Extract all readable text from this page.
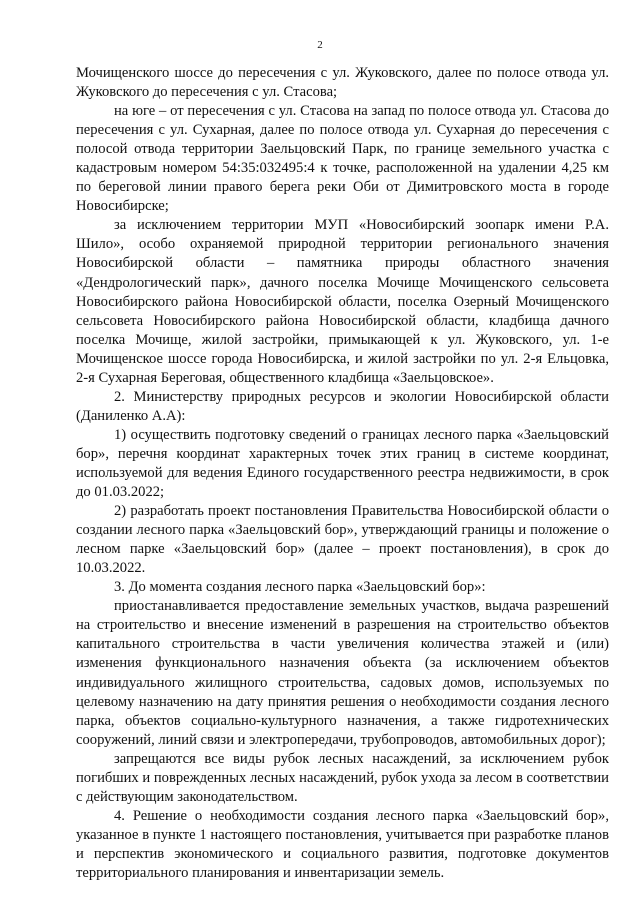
2

Мочищенского шоссе до пересечения с ул. Жуковского, далее по полосе отвода ул. Жуковского до пересечения с ул. Стасова;

на юге – от пересечения с ул. Стасова на запад по полосе отвода ул. Стасова до пересечения с ул. Сухарная, далее по полосе отвода ул. Сухарная до пересечения с полосой отвода территории Заельцовский Парк, по границе земельного участка с кадастровым номером 54:35:032495:4 к точке, расположенной на удалении 4,25 км по береговой линии правого берега реки Оби от Димитровского моста в городе Новосибирске;

за исключением территории МУП «Новосибирский зоопарк имени Р.А. Шило», особо охраняемой природной территории регионального значения Новосибирской области – памятника природы областного значения «Дендрологический парк», дачного поселка Мочище Мочищенского сельсовета Новосибирского района Новосибирской области, поселка Озерный Мочищенского сельсовета Новосибирского района Новосибирской области, кладбища дачного поселка Мочище, жилой застройки, примыкающей к ул. Жуковского, ул. 1-е Мочищенское шоссе города Новосибирска, и жилой застройки по ул. 2-я Ельцовка, 2-я Сухарная Береговая, общественного кладбища «Заельцовское».

2. Министерству природных ресурсов и экологии Новосибирской области (Даниленко А.А):

1) осуществить подготовку сведений о границах лесного парка «Заельцовский бор», перечня координат характерных точек этих границ в системе координат, используемой для ведения Единого государственного реестра недвижимости, в срок до 01.03.2022;

2) разработать проект постановления Правительства Новосибирской области о создании лесного парка «Заельцовский бор», утверждающий границы и положение о лесном парке «Заельцовский бор» (далее – проект постановления), в срок до 10.03.2022.

3. До момента создания лесного парка «Заельцовский бор»:

приостанавливается предоставление земельных участков, выдача разрешений на строительство и внесение изменений в разрешения на строительство объектов капитального строительства в части увеличения количества этажей и (или) изменения функционального назначения объекта (за исключением объектов индивидуального жилищного строительства, садовых домов, используемых по целевому назначению на дату принятия решения о необходимости создания лесного парка, объектов социально-культурного назначения, а также гидротехнических сооружений, линий связи и электропередачи, трубопроводов, автомобильных дорог);

запрещаются все виды рубок лесных насаждений, за исключением рубок погибших и поврежденных лесных насаждений, рубок ухода за лесом в соответствии с действующим законодательством.

4. Решение о необходимости создания лесного парка «Заельцовский бор», указанное в пункте 1 настоящего постановления, учитывается при разработке планов и перспектив экономического и социального развития, подготовке документов территориального планирования и инвентаризации земель.
